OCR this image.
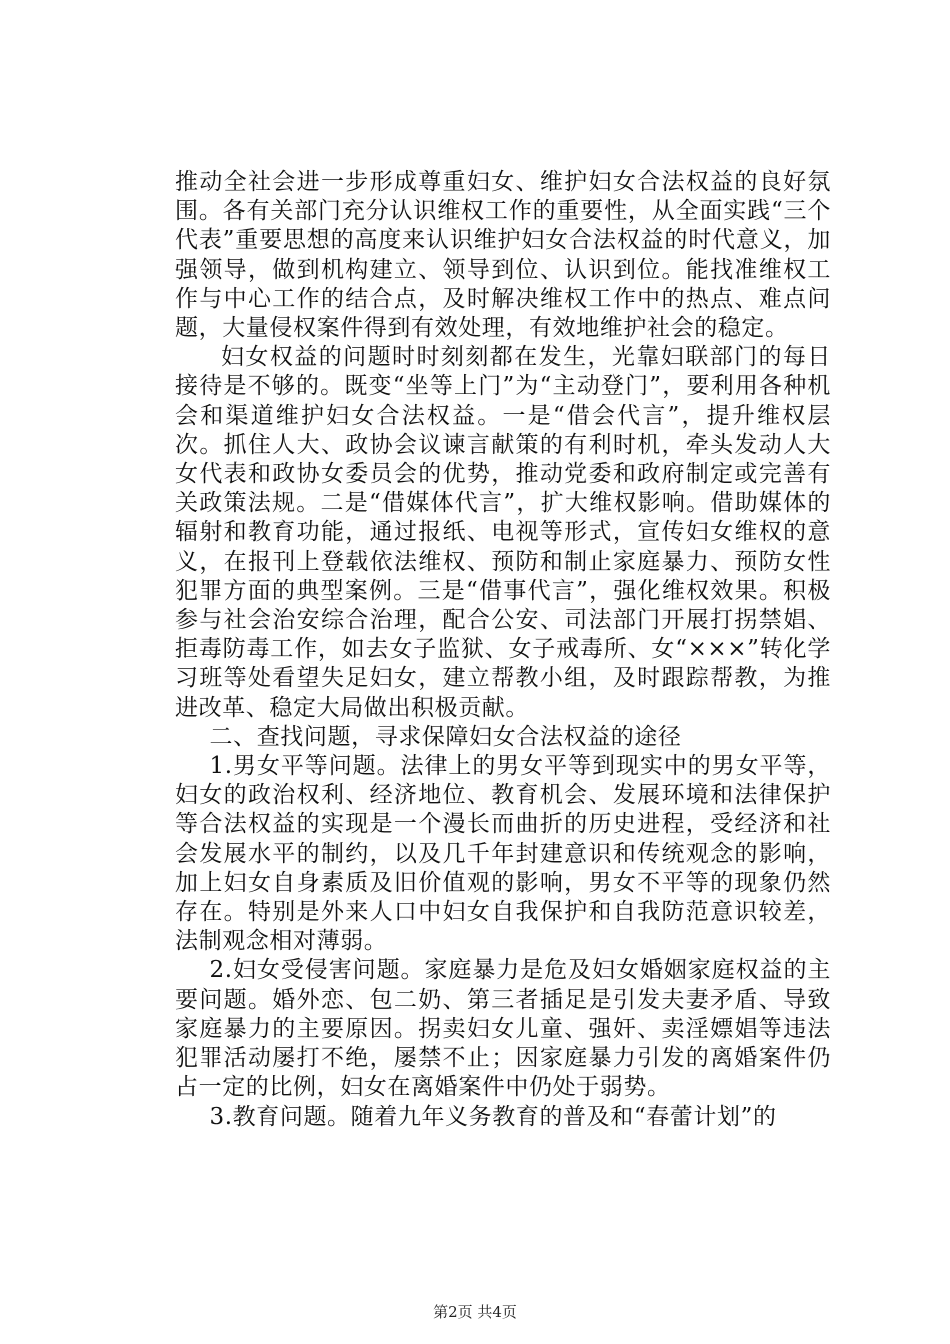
推动全社会进一步形成尊重妇女、维护妇女合法权益的良好氛围。各有关部门充分认识维权工作的重要性，从全面实践“三个代表”重要思想的高度来认识维护妇女合法权益的时代意义，加强领导，做到机构建立、领导到位、认识到位。能找准维权工作与中心工作的结合点，及时解决维权工作中的热点、难点问题，大量侵权案件得到有效处理，有效地维护社会的稳定。

妇女权益的问题时时刻刻都在发生，光靠妇联部门的每日接待是不够的。既变“坐等上门”为“主动登门”，要利用各种机会和渠道维护妇女合法权益。一是“借会代言”，提升维权层次。抓住人大、政协会议谏言献策的有利时机，牵头发动人大女代表和政协女委员会的优势，推动党委和政府制定或完善有关政策法规。二是“借媒体代言”，扩大维权影响。借助媒体的辐射和教育功能，通过报纸、电视等形式，宣传妇女维权的意义，在报刊上登载依法维权、预防和制止家庭暴力、预防女性犯罪方面的典型案例。三是“借事代言”，强化维权效果。积极参与社会治安综合治理，配合公安、司法部门开展打拐禁娼、拒毒防毒工作，如去女子监狱、女子戒毒所、女“×××”转化学习班等处看望失足妇女，建立帮教小组，及时跟踪帮教，为推进改革、稳定大局做出积极贡献。

二、查找问题，寻求保障妇女合法权益的途径

1.男女平等问题。法律上的男女平等到现实中的男女平等，妇女的政治权利、经济地位、教育机会、发展环境和法律保护等合法权益的实现是一个漫长而曲折的历史进程，受经济和社会发展水平的制约，以及几千年封建意识和传统观念的影响，加上妇女自身素质及旧价值观的影响，男女不平等的现象仍然存在。特别是外来人口中妇女自我保护和自我防范意识较差，法制观念相对薄弱。

2.妇女受侵害问题。家庭暴力是危及妇女婚姻家庭权益的主要问题。婚外恋、包二奶、第三者插足是引发夫妻矛盾、导致家庭暴力的主要原因。拐卖妇女儿童、强奸、卖淫嫖娼等违法犯罪活动屡打不绝，屡禁不止；因家庭暴力引发的离婚案件仍占一定的比例，妇女在离婚案件中仍处于弱势。

3.教育问题。随着九年义务教育的普及和“春蕾计划”的

第2页 共4页
